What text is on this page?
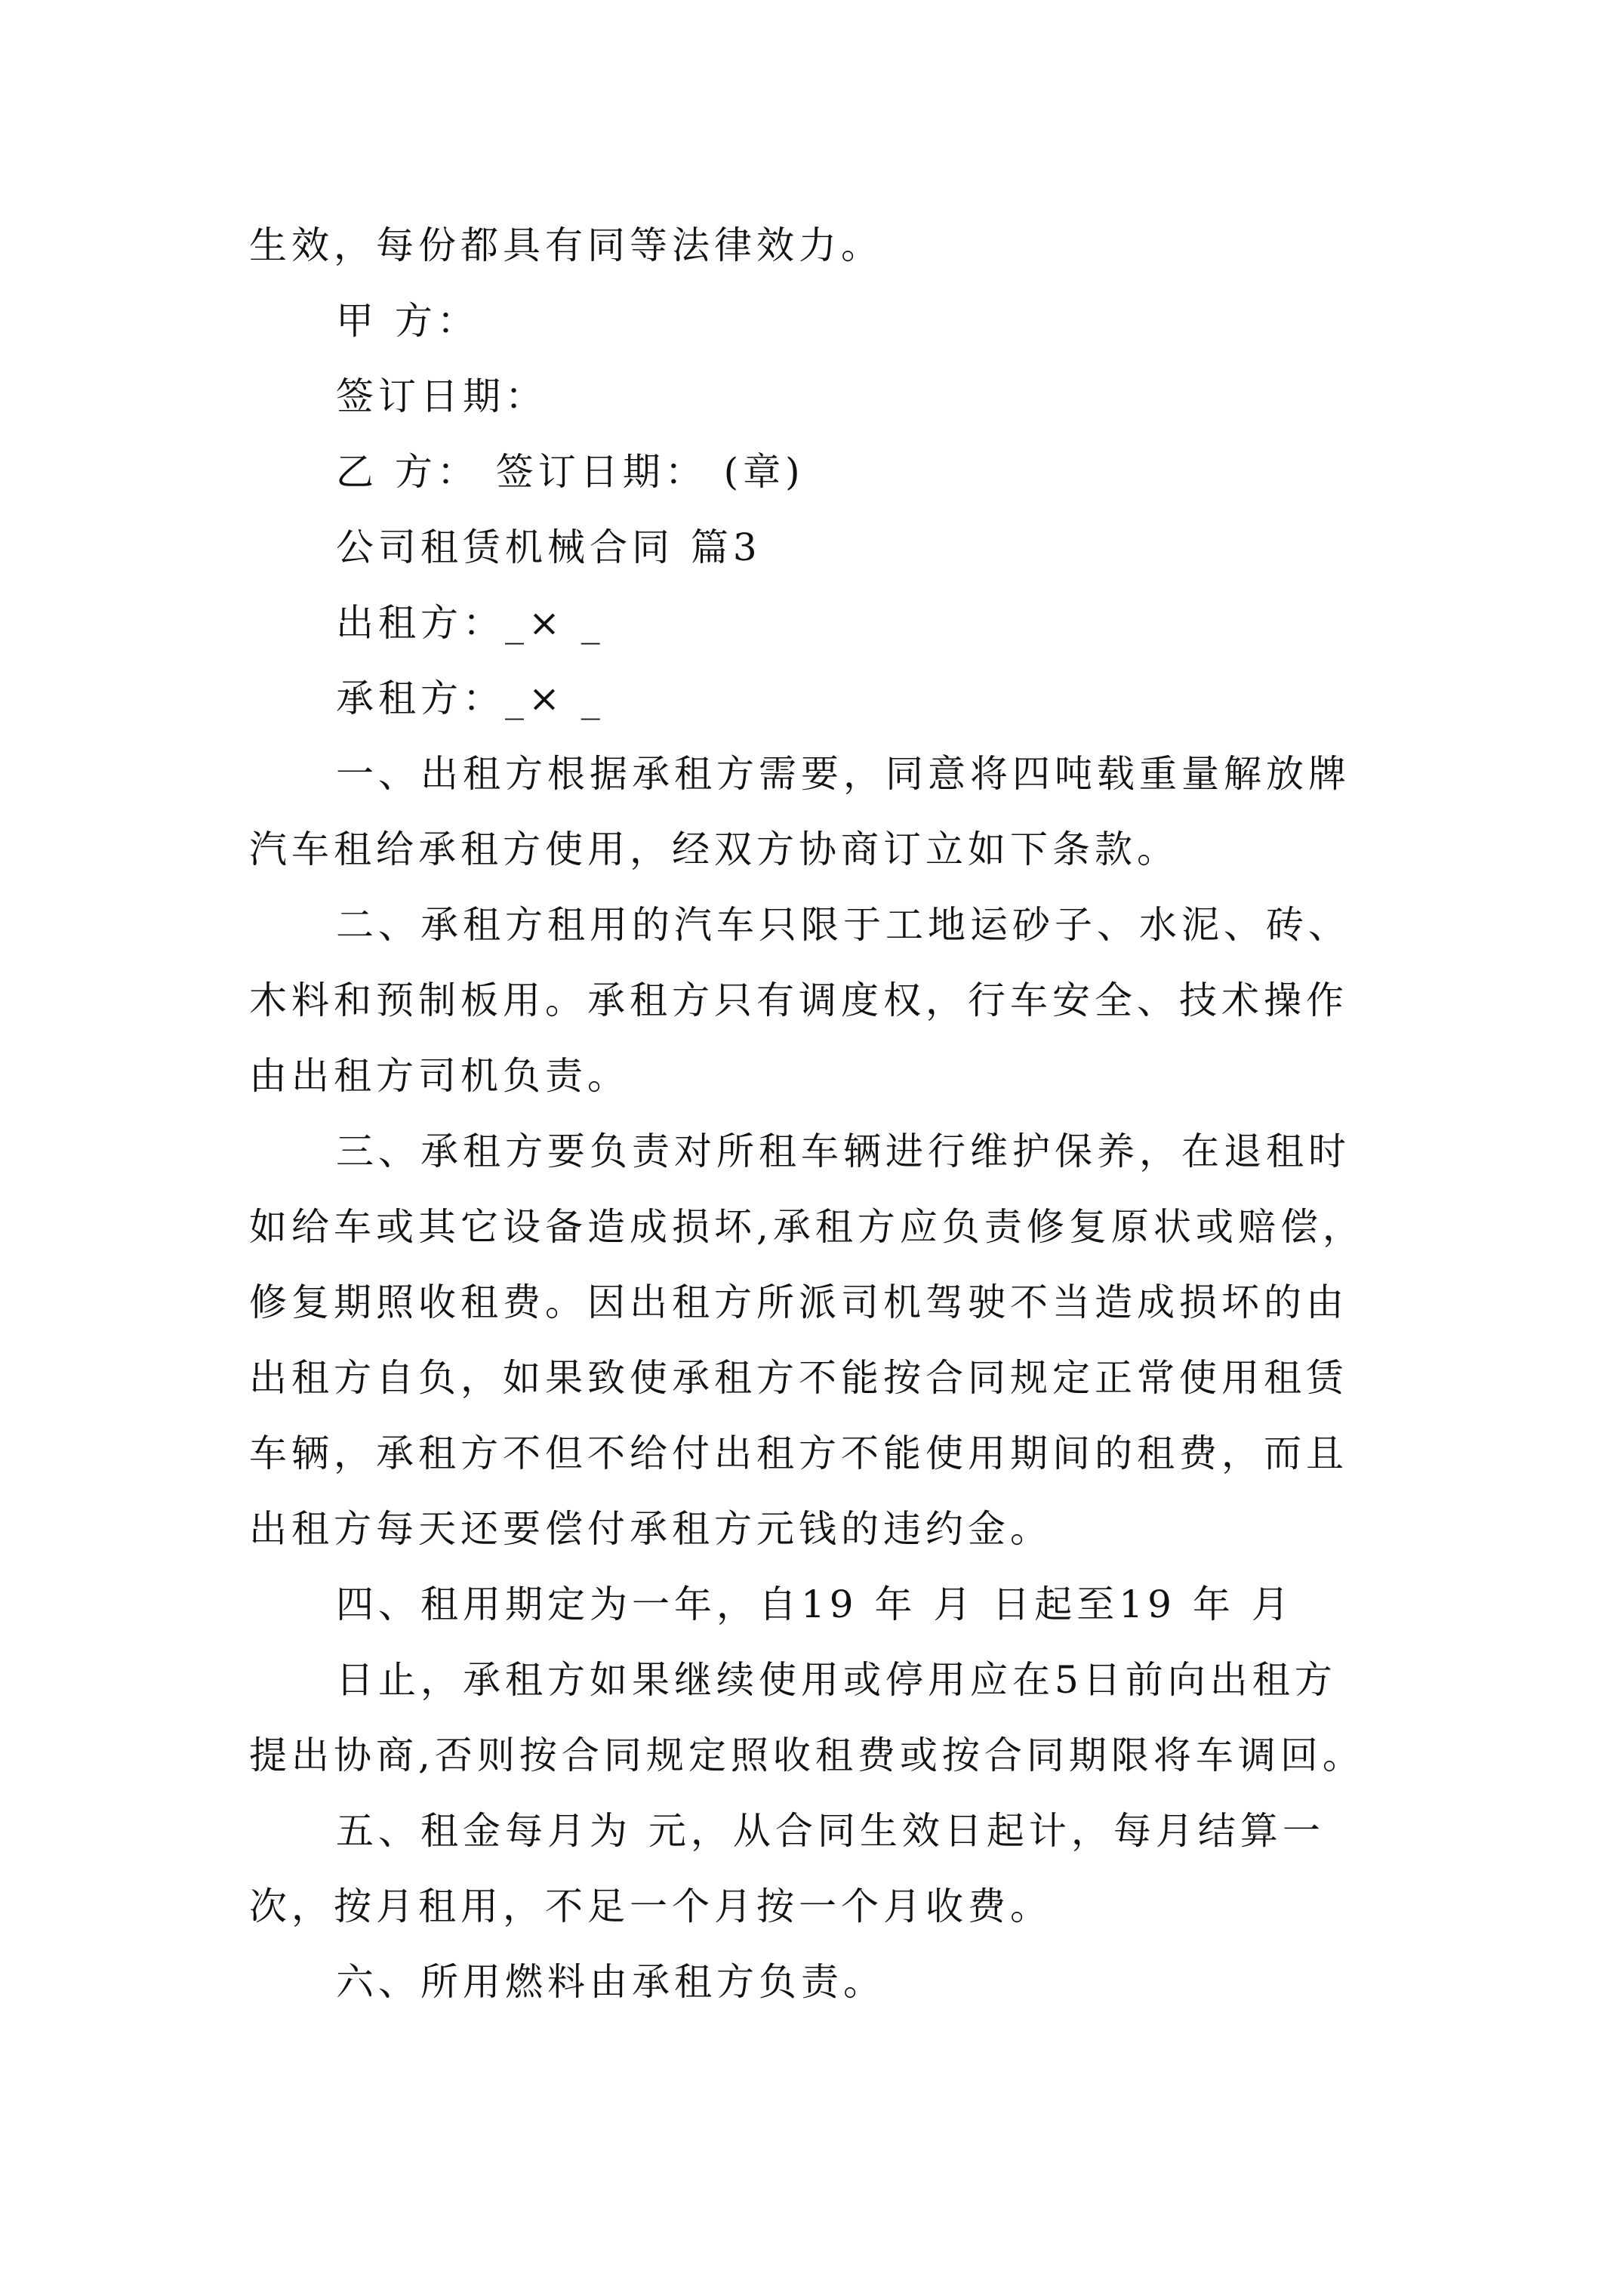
生效，每份都具有同等法律效力。
甲 方：
签订日期：
乙 方： 签订日期： (章)
公司租赁机械合同 篇3
出租方：_× _
承租方：_× _
一、出租方根据承租方需要，同意将四吨载重量解放牌
汽车租给承租方使用，经双方协商订立如下条款。
二、承租方租用的汽车只限于工地运砂子、水泥、砖、
木料和预制板用。承租方只有调度权，行车安全、技术操作
由出租方司机负责。
三、承租方要负责对所租车辆进行维护保养，在退租时
如给车或其它设备造成损坏,承租方应负责修复原状或赔偿，
修复期照收租费。因出租方所派司机驾驶不当造成损坏的由
出租方自负，如果致使承租方不能按合同规定正常使用租赁
车辆，承租方不但不给付出租方不能使用期间的租费，而且
出租方每天还要偿付承租方元钱的违约金。
四、租用期定为一年，自19 年 月 日起至19 年 月
日止，承租方如果继续使用或停用应在5日前向出租方
提出协商,否则按合同规定照收租费或按合同期限将车调回。
五、租金每月为 元，从合同生效日起计，每月结算一
次，按月租用，不足一个月按一个月收费。
六、所用燃料由承租方负责。
